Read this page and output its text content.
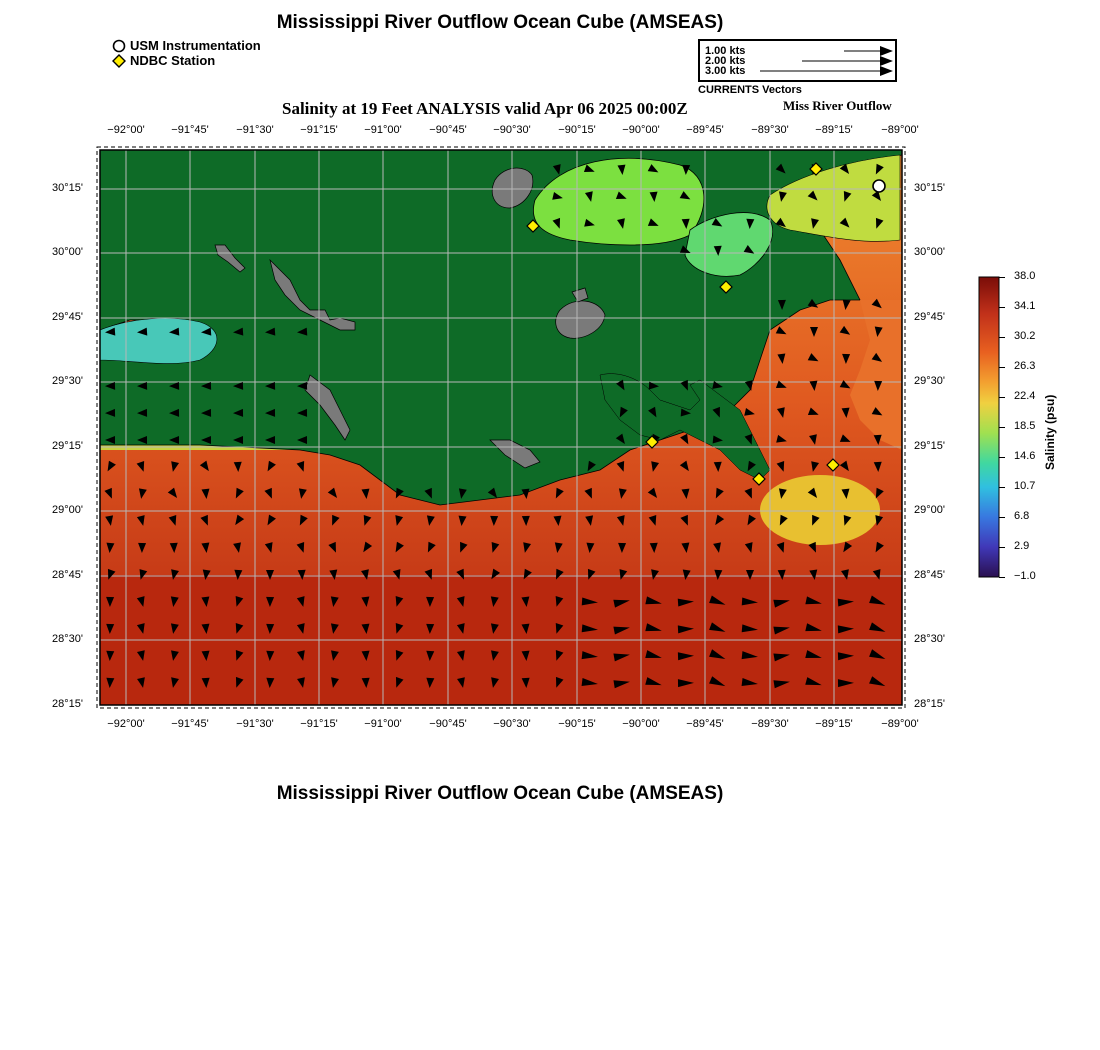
Mississippi River Outflow Ocean Cube (AMSEAS)
USM Instrumentation
NDBC Station
1.00 kts
2.00 kts
3.00 kts
CURRENTS Vectors
Salinity at 19 Feet ANALYSIS valid Apr 06 2025 00:00Z	Miss River Outflow
−92°00' −91°45'	−91°30' −91°15' −91°00'	−90°45' −90°30'	−90°15' −90°00' −89°45'	−89°30' −89°15'	−89°00'
−92°00' −91°45'	−91°30' −91°15' −91°00'	−90°45' −90°30'	−90°15' −90°00' −89°45'	−89°30' −89°15'	−89°00'
30°15'
30°00'
29°45'
29°30'
29°15'
29°00'
28°45'
28°30'
28°15'
30°15'
30°00'
29°45'
29°30'
29°15'
29°00'
28°45'
28°30'
28°15'
38.0
34.1
30.2
26.3
22.4
18.5
14.6
10.7
6.8
2.9
−1.0
Salinity (psu)
Mississippi River Outflow Ocean Cube (AMSEAS)
